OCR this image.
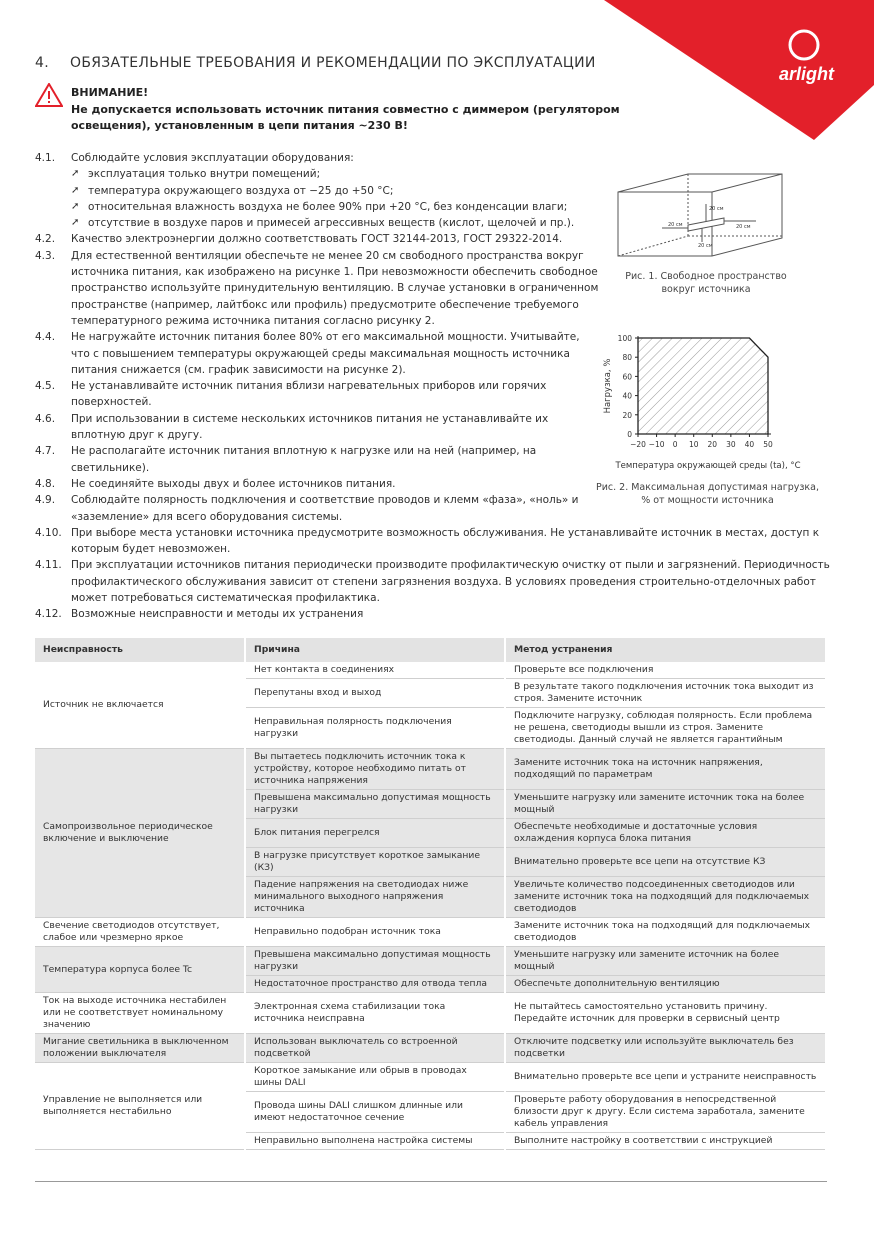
arlight
4. ОБЯЗАТЕЛЬНЫЕ ТРЕБОВАНИЯ И РЕКОМЕНДАЦИИ ПО ЭКСПЛУАТАЦИИ
ВНИМАНИЕ!
Не допускается использовать источник питания совместно с диммером (регулятором освещения), установленным в цепи питания ~230 В!
4.1.	Соблюдайте условия эксплуатации оборудования:
➚ эксплуатация только внутри помещений;
➚ температура окружающего воздуха от −25 до +50 °C;
➚ относительная влажность воздуха не более 90% при +20 °C, без конденсации влаги;
➚ отсутствие в воздухе паров и примесей агрессивных веществ (кислот, щелочей и пр.).
4.2.	Качество электроэнергии должно соответствовать ГОСТ 32144-2013, ГОСТ 29322-2014.
4.3.	Для естественной вентиляции обеспечьте не менее 20 см свободного пространства вокруг источника питания, как изображено на рисунке 1. При невозможности обеспечить свободное пространство используйте принудительную вентиляцию. В случае установки в ограниченном пространстве (например, лайтбокс или профиль) предусмотрите обеспечение требуемого температурного режима источника питания согласно рисунку 2.
4.4.	Не нагружайте источник питания более 80% от его максимальной мощности. Учитывайте, что с повышением температуры окружающей среды максимальная мощность источника питания снижается (см. график зависимости на рисунке 2).
4.5.	Не устанавливайте источник питания вблизи нагревательных приборов или горячих поверхностей.
4.6.	При использовании в системе нескольких источников питания не устанавливайте их вплотную друг к другу.
4.7.	Не располагайте источник питания вплотную к нагрузке или на ней (например, на светильнике).
4.8.	Не соединяйте выходы двух и более источников питания.
4.9.	Соблюдайте полярность подключения и соответствие проводов и клемм «фаза», «ноль» и «заземление» для всего оборудования системы.
4.10. При выборе места установки источника предусмотрите возможность обслуживания. Не устанавливайте источник в местах, доступ к которым будет невозможен.
4.11. При эксплуатации источников питания периодически производите профилактическую очистку от пыли и загрязнений. Периодичность профилактического обслуживания зависит от степени загрязнения воздуха. В условиях проведения строительно-отделочных работ может потребоваться систематическая профилактика.
4.12. Возможные неисправности и методы их устранения
20 см
20 см	20 см
20 см
Рис. 1. Свободное пространство
вокруг источника
0
20
40
60
80
100
−20 −10 0 10 20 30 40 50
Нагрузка, %
Температура окружающей среды (ta), °C
Рис. 2. Максимальная допустимая нагрузка,
% от мощности источника
Неисправность	Причина	Метод устранения
Источник не включается	Нет контакта в соединениях	Проверьте все подключения
	Перепутаны вход и выход	В результате такого подключения источник тока выходит из строя. Замените источник
	Неправильная полярность подключения нагрузки	Подключите нагрузку, соблюдая полярность. Если проблема не решена, светодиоды вышли из строя. Замените светодиоды. Данный случай не является гарантийным
Самопроизвольное периодическое включение и выключение	Вы пытаетесь подключить источник тока к устройству, которое необходимо питать от источника напряжения	Замените источник тока на источник напряжения, подходящий по параметрам
	Превышена максимально допустимая мощность нагрузки	Уменьшите нагрузку или замените источник тока на более мощный
	Блок питания перегрелся	Обеспечьте необходимые и достаточные условия охлаждения корпуса блока питания
	В нагрузке присутствует короткое замыкание (КЗ)	Внимательно проверьте все цепи на отсутствие КЗ
	Падение напряжения на светодиодах ниже минимального выходного напряжения источника	Увеличьте количество подсоединенных светодиодов или замените источник тока на подходящий для подключаемых светодиодов
Свечение светодиодов отсутствует, слабое или чрезмерно яркое	Неправильно подобран источник тока	Замените источник тока на подходящий для подключаемых светодиодов
Температура корпуса более Tc	Превышена максимально допустимая мощность нагрузки	Уменьшите нагрузку или замените источник на более мощный
	Недостаточное пространство для отвода тепла	Обеспечьте дополнительную вентиляцию
Ток на выходе источника нестабилен или не соответствует номинальному значению	Электронная схема стабилизации тока источника неисправна	Не пытайтесь самостоятельно установить причину. Передайте источник для проверки в сервисный центр
Мигание светильника в выключенном положении выключателя	Использован выключатель со встроенной подсветкой	Отключите подсветку или используйте выключатель без подсветки
Управление не выполняется или выполняется нестабильно	Короткое замыкание или обрыв в проводах шины DALI	Внимательно проверьте все цепи и устраните неисправность
	Провода шины DALI слишком длинные или имеют недостаточное сечение	Проверьте работу оборудования в непосредственной близости друг к другу. Если система заработала, замените кабель управления
	Неправильно выполнена настройка системы	Выполните настройку в соответствии с инструкцией
